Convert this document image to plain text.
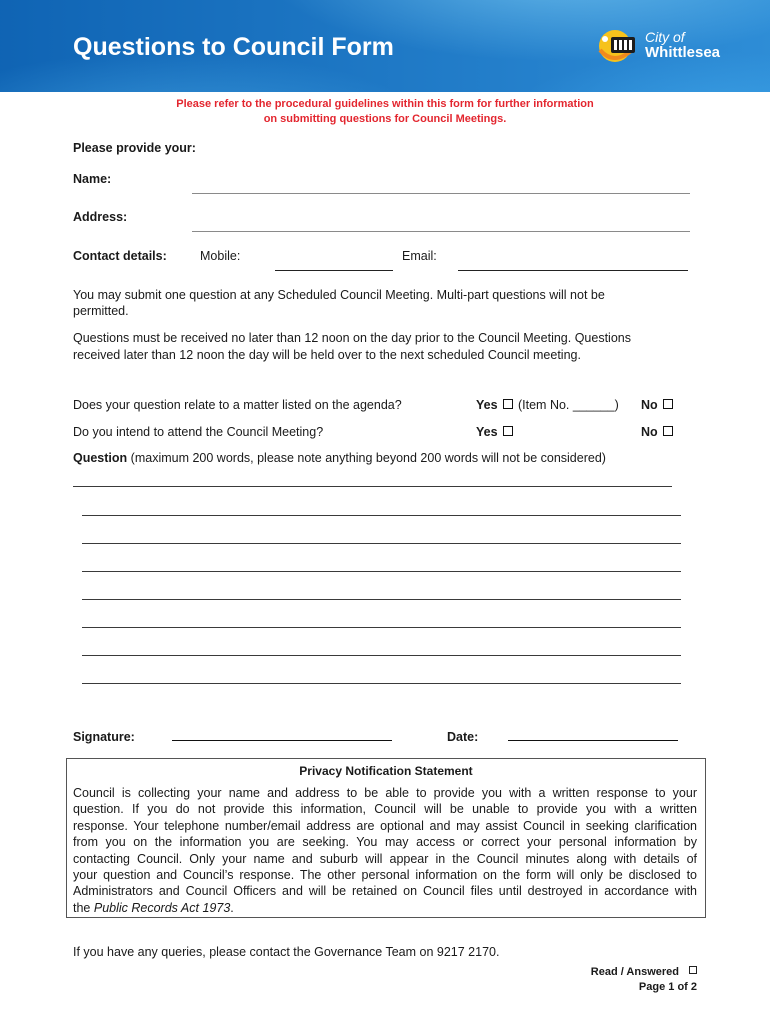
Questions to Council Form	City of
Whittlesea
Please refer to the procedural guidelines within this form for further information
on submitting questions for Council Meetings.
Please provide your:
Name:
Address:
Contact details:	Mobile:	Email:
You may submit one question at any Scheduled Council Meeting. Multi-part questions will not be
permitted.
Questions must be received no later than 12 noon on the day prior to the Council Meeting. Questions
received later than 12 noon the day will be held over to the next scheduled Council meeting.
Does your question relate to a matter listed on the agenda?	Yes (Item No. ______) No
Do you intend to attend the Council Meeting?	Yes	No
Question (maximum 200 words, please note anything beyond 200 words will not be considered)
Signature:	Date:
Privacy Notification Statement
Council is collecting your name and address to be able to provide you with a written response to your
question. If you do not provide this information, Council will be unable to provide you with a written
response. Your telephone number/email address are optional and may assist Council in seeking clarification
from you on the information you are seeking. You may access or correct your personal information by
contacting Council. Only your name and suburb will appear in the Council minutes along with details of
your question and Council’s response. The other personal information on the form will only be disclosed to
Administrators and Council Officers and will be retained on Council files until destroyed in accordance with
the Public Records Act 1973.
If you have any queries, please contact the Governance Team on 9217 2170.
Read / Answered
Page 1 of 2
